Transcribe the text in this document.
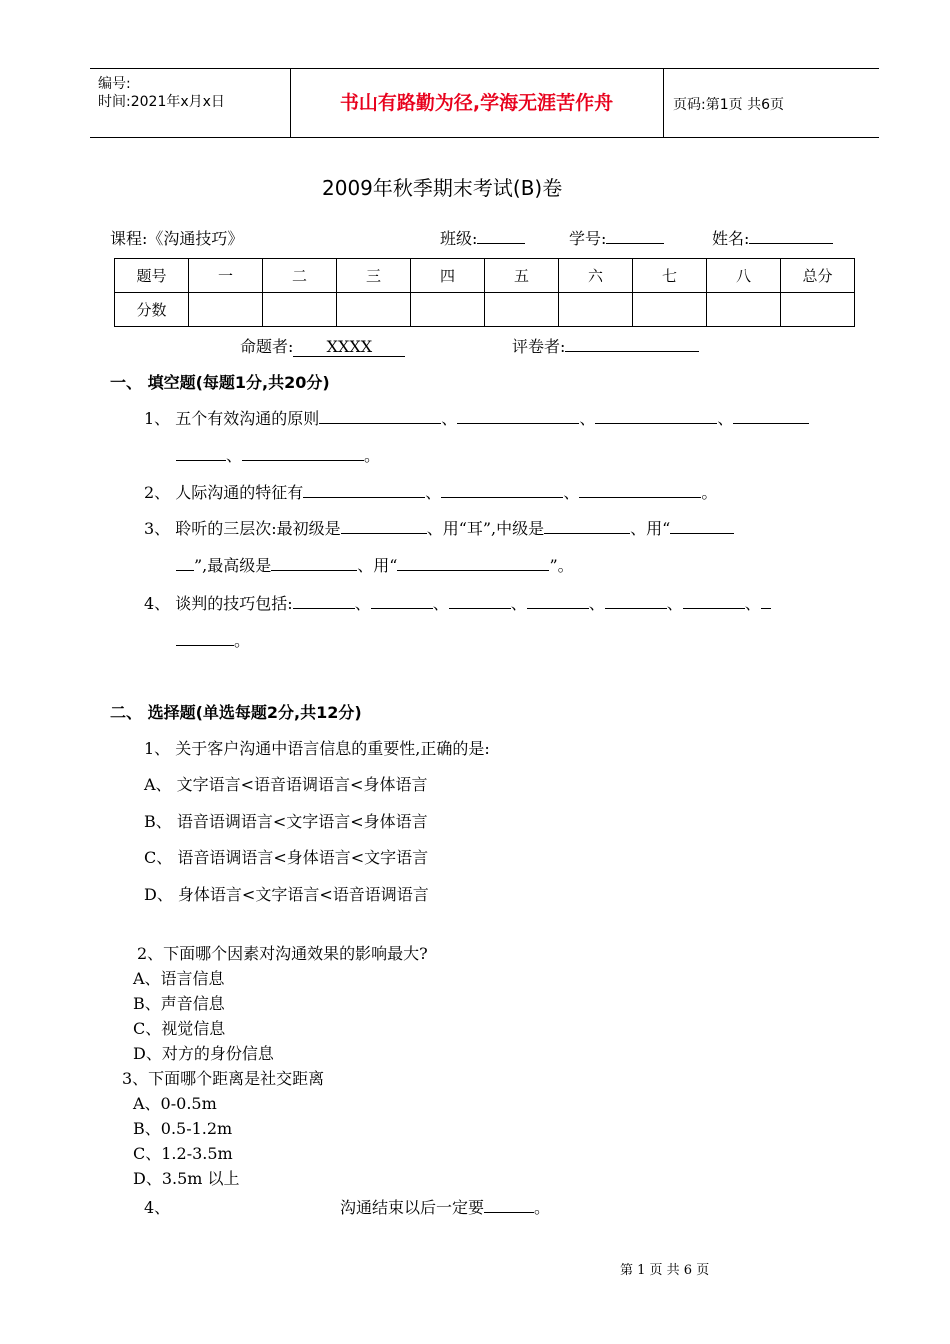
编号:
时间:2021年x月x日	书山有路勤为径,学海无涯苦作舟	页码:第1页 共6页
2009年秋季期末考试(B)卷
课程:《沟通技巧》	班级:	学号:	姓名:
题号	一	二	三	四	五	六	七	八	总分
分数									
命题者: XXXX	评卷者:
一、 填空题(每题1分,共20分)
1、 五个有效沟通的原则	、	、	、
、	。
2、 人际沟通的特征有	、	、	。
3、 聆听的三层次:最初级是	、用“耳”,中级是	、用“
”,最高级是	、用“	”。
4、 谈判的技巧包括:	、	、	、	、	、	、
。
二、 选择题(单选每题2分,共12分)
1、 关于客户沟通中语言信息的重要性,正确的是:
A、 文字语言<语音语调语言<身体语言
B、 语音语调语言<文字语言<身体语言
C、 语音语调语言<身体语言<文字语言
D、 身体语言<文字语言<语音语调语言
2、下面哪个因素对沟通效果的影响最大?
A、语言信息
B、声音信息
C、视觉信息
D、对方的身份信息
3、下面哪个距离是社交距离
A、0-0.5m
B、0.5-1.2m
C、1.2-3.5m
D、3.5m 以上
4、	沟通结束以后一定要	。
第 1 页 共 6 页
